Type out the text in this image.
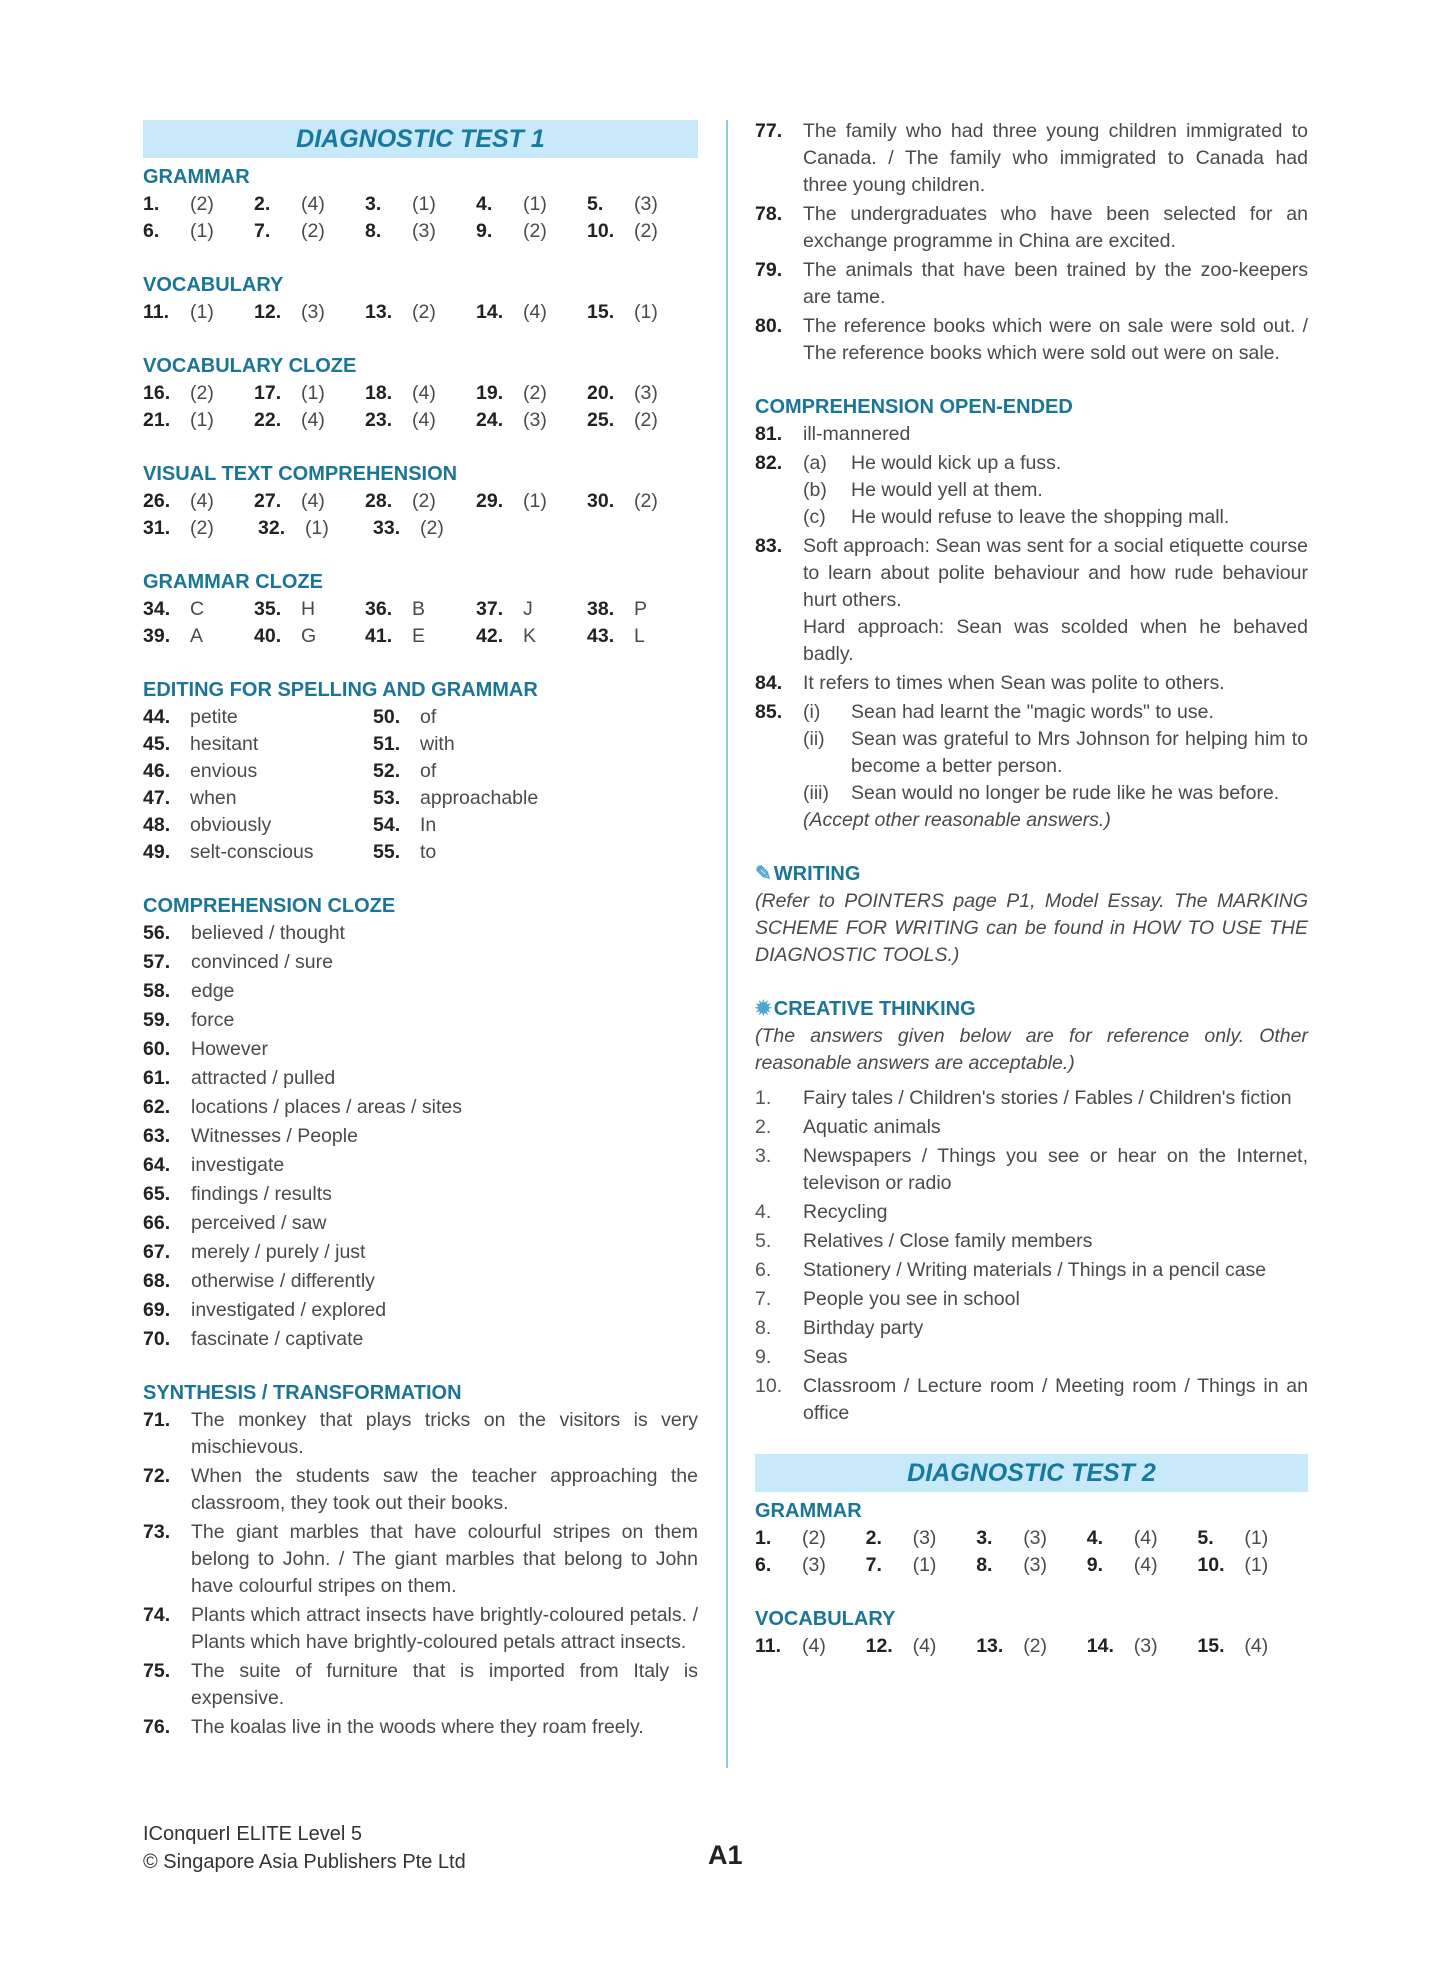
DIAGNOSTIC TEST 1
GRAMMAR
1.	(2) 2.	(4) 3.	(1) 4.	(1) 5.	(3)
6.	(1) 7.	(2) 8.	(3) 9.	(2) 10.	(2)
VOCABULARY
11.	(1) 12.	(3) 13.	(2) 14.	(4) 15.	(1)
VOCABULARY CLOZE
16.	(2) 17.	(1) 18.	(4) 19.	(2) 20.	(3)
21.	(1) 22.	(4) 23.	(4) 24.	(3) 25.	(2)
VISUAL TEXT COMPREHENSION
26.	(4) 27.	(4) 28.	(2) 29.	(1) 30.	(2)
31.	(2) 32.	(1) 33.	(2)
GRAMMAR CLOZE
34.	C	35.	H	36.	B	37.	J	38.	P
39.	A	40.	G	41.	E	42.	K	43.	L
EDITING FOR SPELLING AND GRAMMAR
44.	petite	50.	of
45.	hesitant	51.	with
46.	envious	52.	of
47.	when	53.	approachable
48.	obviously	54.	In
49.	selt-conscious	55.	to
COMPREHENSION CLOZE
56.	believed / thought
57.	convinced / sure
58.	edge
59.	force
60.	However
61.	attracted / pulled
62.	locations / places / areas / sites
63.	Witnesses / People
64.	investigate
65.	findings / results
66.	perceived / saw
67.	merely / purely / just
68.	otherwise / differently
69.	investigated / explored
70.	fascinate / captivate
SYNTHESIS / TRANSFORMATION
71.	The monkey that plays tricks on the visitors is very mischievous.
72.	When the students saw the teacher approaching the classroom, they took out their books.
73.	The giant marbles that have colourful stripes on them belong to John. / The giant marbles that belong to John have colourful stripes on them.
74.	Plants which attract insects have brightly-coloured petals. / Plants which have brightly-coloured petals attract insects.
75.	The suite of furniture that is imported from Italy is expensive.
76.	The koalas live in the woods where they roam freely.
77.	The family who had three young children immigrated to Canada. / The family who immigrated to Canada had three young children.
78.	The undergraduates who have been selected for an exchange programme in China are excited.
79.	The animals that have been trained by the zoo-keepers are tame.
80.	The reference books which were on sale were sold out. / The reference books which were sold out were on sale.
COMPREHENSION OPEN-ENDED
81.	ill-mannered
82.	(a)	He would kick up a fuss.
(b)	He would yell at them.
(c)	He would refuse to leave the shopping mall.
83.	Soft approach: Sean was sent for a social etiquette course to learn about polite behaviour and how rude behaviour hurt others.
Hard approach: Sean was scolded when he behaved badly.
84.	It refers to times when Sean was polite to others.
85.	(i)	Sean had learnt the "magic words" to use.
(ii)	Sean was grateful to Mrs Johnson for helping him to become a better person.
(iii)	Sean would no longer be rude like he was before.
(Accept other reasonable answers.)
✎ WRITING
(Refer to POINTERS page P1, Model Essay. The MARKING SCHEME FOR WRITING can be found in HOW TO USE THE DIAGNOSTIC TOOLS.)
✹ CREATIVE THINKING
(The answers given below are for reference only. Other reasonable answers are acceptable.)
1.	Fairy tales / Children's stories / Fables / Children's fiction
2.	Aquatic animals
3.	Newspapers / Things you see or hear on the Internet, televison or radio
4.	Recycling
5.	Relatives / Close family members
6.	Stationery / Writing materials / Things in a pencil case
7.	People you see in school
8.	Birthday party
9.	Seas
10.	Classroom / Lecture room / Meeting room / Things in an office
DIAGNOSTIC TEST 2
GRAMMAR
1.	(2) 2.	(3) 3.	(3) 4.	(4) 5.	(1)
6.	(3) 7.	(1) 8.	(3) 9.	(4) 10.	(1)
VOCABULARY
11.	(4) 12.	(4) 13.	(2) 14.	(3) 15.	(4)
IConquerI ELITE Level 5
© Singapore Asia Publishers Pte Ltd	A1
